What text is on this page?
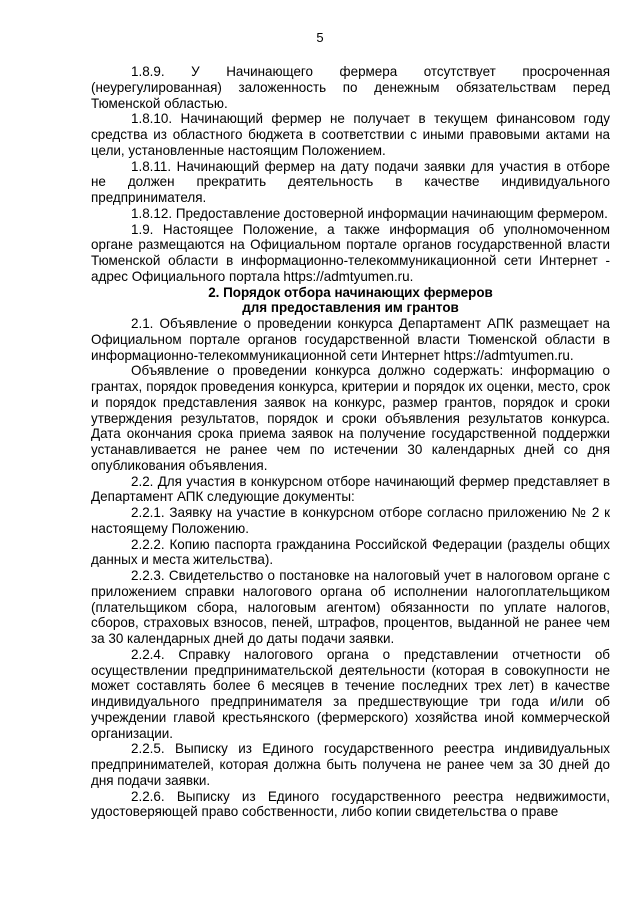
5

1.8.9. У Начинающего фермера отсутствует просроченная (неурегулированная) заложенность по денежным обязательствам перед Тюменской областью.

1.8.10. Начинающий фермер не получает в текущем финансовом году средства из областного бюджета в соответствии с иными правовыми актами на цели, установленные настоящим Положением.

1.8.11. Начинающий фермер на дату подачи заявки для участия в отборе не должен прекратить деятельность в качестве индивидуального предпринимателя.

1.8.12. Предоставление достоверной информации начинающим фермером.

1.9. Настоящее Положение, а также информация об уполномоченном органе размещаются на Официальном портале органов государственной власти Тюменской области в информационно-телекоммуникационной сети Интернет - адрес Официального портала https://admtyumen.ru.

2. Порядок отбора начинающих фермеров
для предоставления им грантов

2.1. Объявление о проведении конкурса Департамент АПК размещает на Официальном портале органов государственной власти Тюменской области в информационно-телекоммуникационной сети Интернет https://admtyumen.ru.

Объявление о проведении конкурса должно содержать: информацию о грантах, порядок проведения конкурса, критерии и порядок их оценки, место, срок и порядок представления заявок на конкурс, размер грантов, порядок и сроки утверждения результатов, порядок и сроки объявления результатов конкурса. Дата окончания срока приема заявок на получение государственной поддержки устанавливается не ранее чем по истечении 30 календарных дней со дня опубликования объявления.

2.2. Для участия в конкурсном отборе начинающий фермер представляет в Департамент АПК следующие документы:

2.2.1. Заявку на участие в конкурсном отборе согласно приложению № 2 к настоящему Положению.

2.2.2. Копию паспорта гражданина Российской Федерации (разделы общих данных и места жительства).

2.2.3. Свидетельство о постановке на налоговый учет в налоговом органе с приложением справки налогового органа об исполнении налогоплательщиком (плательщиком сбора, налоговым агентом) обязанности по уплате налогов, сборов, страховых взносов, пеней, штрафов, процентов, выданной не ранее чем за 30 календарных дней до даты подачи заявки.

2.2.4. Справку налогового органа о представлении отчетности об осуществлении предпринимательской деятельности (которая в совокупности не может составлять более 6 месяцев в течение последних трех лет) в качестве индивидуального предпринимателя за предшествующие три года и/или об учреждении главой крестьянского (фермерского) хозяйства иной коммерческой организации.

2.2.5. Выписку из Единого государственного реестра индивидуальных предпринимателей, которая должна быть получена не ранее чем за 30 дней до дня подачи заявки.

2.2.6. Выписку из Единого государственного реестра недвижимости, удостоверяющей право собственности, либо копии свидетельства о праве
